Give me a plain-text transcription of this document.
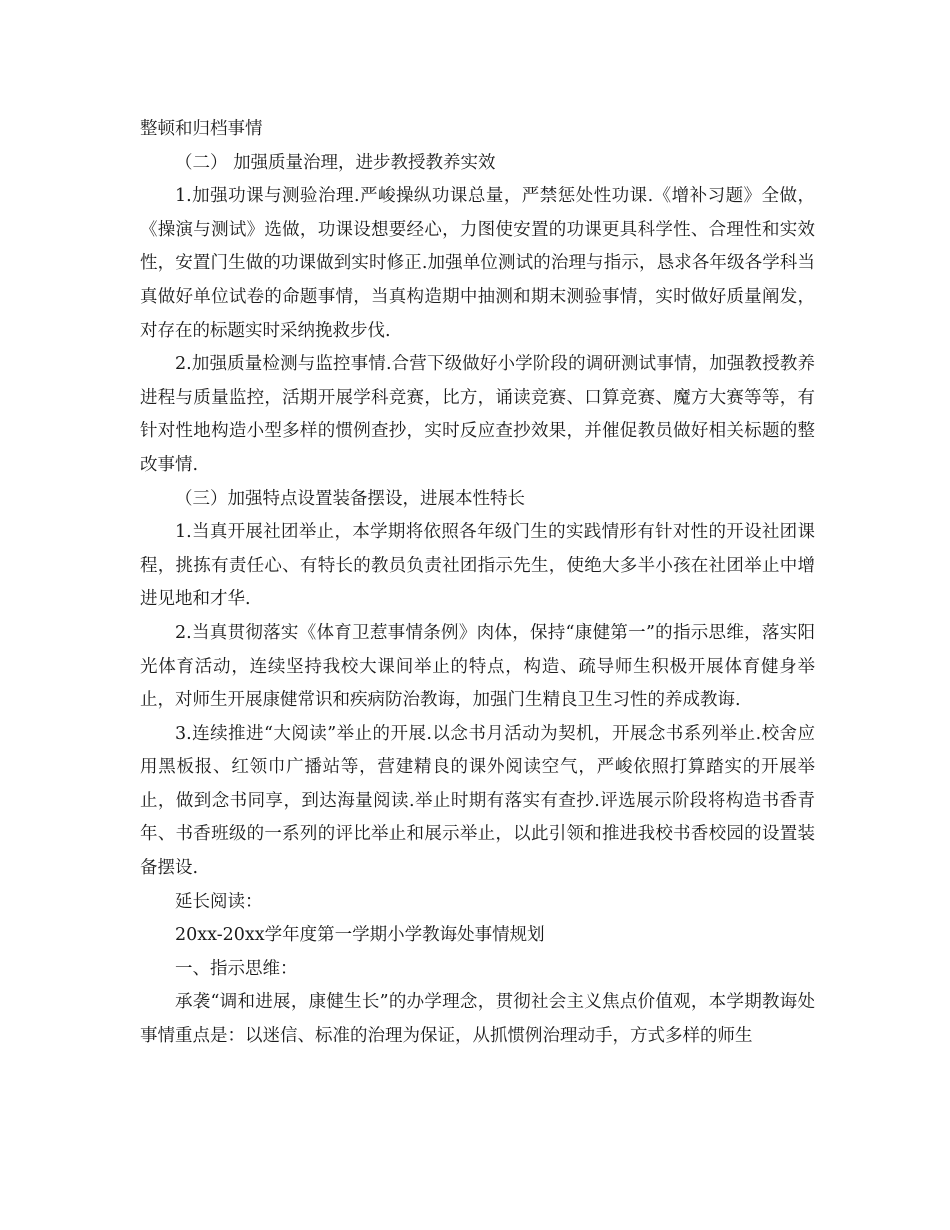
整顿和归档事情

（二） 加强质量治理，进步教授教养实效

1.加强功课与测验治理.严峻操纵功课总量，严禁惩处性功课.《增补习题》全做，《操演与测试》选做，功课设想要经心，力图使安置的功课更具科学性、合理性和实效性，安置门生做的功课做到实时修正.加强单位测试的治理与指示，恳求各年级各学科当真做好单位试卷的命题事情，当真构造期中抽测和期末测验事情，实时做好质量阐发，对存在的标题实时采纳挽救步伐.

2.加强质量检测与监控事情.合营下级做好小学阶段的调研测试事情，加强教授教养进程与质量监控，活期开展学科竞赛，比方，诵读竞赛、口算竞赛、魔方大赛等等，有针对性地构造小型多样的惯例查抄，实时反应查抄效果，并催促教员做好相关标题的整改事情.

（三）加强特点设置装备摆设，进展本性特长

1.当真开展社团举止，本学期将依照各年级门生的实践情形有针对性的开设社团课程，挑拣有责任心、有特长的教员负责社团指示先生，使绝大多半小孩在社团举止中增进见地和才华.

2.当真贯彻落实《体育卫惹事情条例》肉体，保持“康健第一”的指示思维，落实阳光体育活动，连续坚持我校大课间举止的特点，构造、疏导师生积极开展体育健身举止，对师生开展康健常识和疾病防治教诲，加强门生精良卫生习性的养成教诲.

3.连续推进“大阅读”举止的开展.以念书月活动为契机，开展念书系列举止.校舍应用黑板报、红领巾广播站等，营建精良的课外阅读空气，严峻依照打算踏实的开展举止，做到念书同享，到达海量阅读.举止时期有落实有查抄.评选展示阶段将构造书香青年、书香班级的一系列的评比举止和展示举止，以此引领和推进我校书香校园的设置装备摆设.

延长阅读：

20xx-20xx学年度第一学期小学教诲处事情规划

一、指示思维：

承袭“调和进展，康健生长”的办学理念，贯彻社会主义焦点价值观，本学期教诲处事情重点是：以迷信、标准的治理为保证，从抓惯例治理动手，方式多样的师生
